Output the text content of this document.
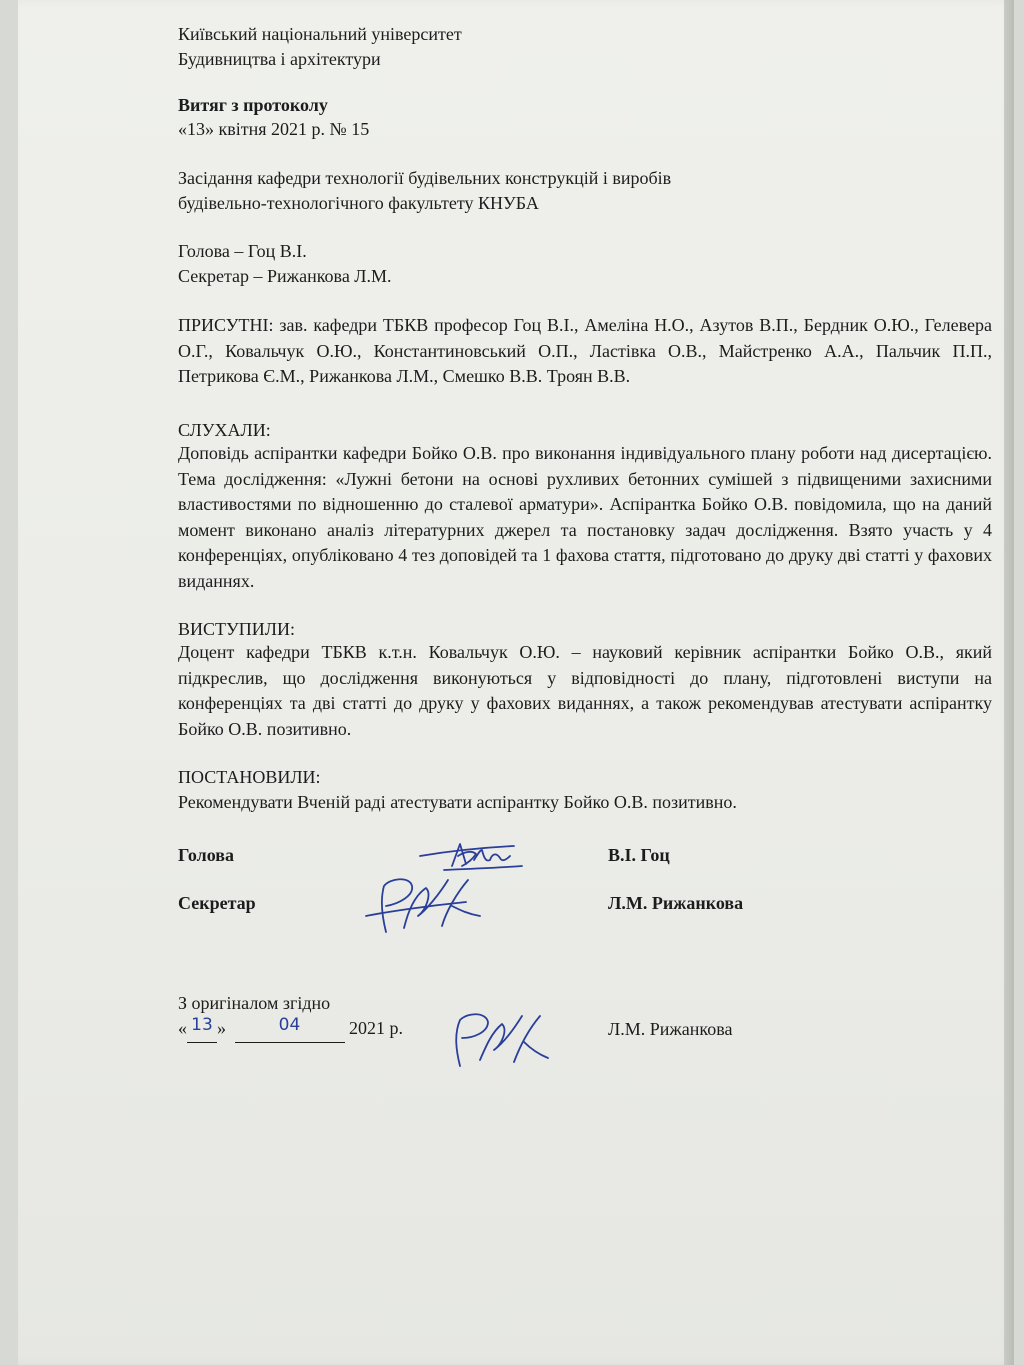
Київський національний університет
Будивництва і архітектури
Витяг з протоколу
«13» квітня 2021 р. № 15
Засідання кафедри технології будівельних конструкцій і виробів
будівельно-технологічного факультету КНУБА
Голова – Гоц В.І.
Секретар – Рижанкова Л.М.
ПРИСУТНІ: зав. кафедри ТБКВ професор Гоц В.І., Амеліна Н.О., Азутов В.П., Бердник О.Ю., Гелевера О.Г., Ковальчук О.Ю., Константиновський О.П., Ластівка О.В., Майстренко А.А., Пальчик П.П., Петрикова Є.М., Рижанкова Л.М., Смешко В.В. Троян В.В.
СЛУХАЛИ:
Доповідь аспірантки кафедри Бойко О.В. про виконання індивідуального плану роботи над дисертацією. Тема дослідження: «Лужні бетони на основі рухливих бетонних сумішей з підвищеними захисними властивостями по відношенню до сталевої арматури». Аспірантка Бойко О.В. повідомила, що на даний момент виконано аналіз літературних джерел та постановку задач дослідження. Взято участь у 4 конференціях, опубліковано 4 тез доповідей та 1 фахова стаття, підготовано до друку дві статті у фахових виданнях.
ВИСТУПИЛИ:
Доцент кафедри ТБКВ к.т.н. Ковальчук О.Ю. – науковий керівник аспірантки Бойко О.В., який підкреслив, що дослідження виконуються у відповідності до плану, підготовлені виступи на конференціях та дві статті до друку у фахових виданнях, а також рекомендував атестувати аспірантку Бойко О.В. позитивно.
ПОСТАНОВИЛИ:
Рекомендувати Вченій раді атестувати аспірантку Бойко О.В. позитивно.
Голова	В.І. Гоц
Секретар	Л.М. Рижанкова
З оригіналом згідно
« 13 »	04	2021 р.	Л.М. Рижанкова
